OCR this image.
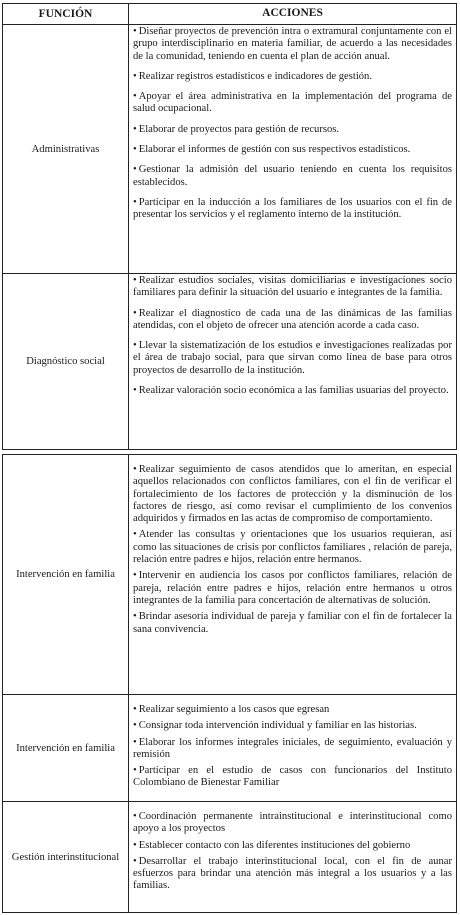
FUNCIÓN	ACCIONES
Administrativas

• Diseñar proyectos de prevención intra o extramural conjuntamente con el grupo interdisciplinario en materia familiar, de acuerdo a las necesidades de la comunidad, teniendo en cuenta el plan de acción anual.

• Realizar registros estadísticos e indicadores de gestión.

• Apoyar el área administrativa en la implementación del programa de salud ocupacional.

• Elaborar de proyectos para gestión de recursos.

• Elaborar el informes de gestión con sus respectivos estadísticos.

• Gestionar la admisión del usuario teniendo en cuenta los requisitos establecidos.

• Participar en la inducción a los familiares de los usuarios con el fin de presentar los servicios y el reglamento interno de la institución.

Diagnóstico social

• Realizar estudios sociales, visitas domiciliarias e investigaciones socio familiares para definir la situación del usuario e integrantes de la familia.

• Realizar el diagnostico de cada una de las dinámicas de las familias atendidas, con el objeto de ofrecer una atención acorde a cada caso.

• Llevar la sistematización de los estudios e investigaciones realizadas por el área de trabajo social, para que sirvan como línea de base para otros proyectos de desarrollo de la institución.

• Realizar valoración socio económica a las familias usuarias del proyecto.

Intervención en familia

• Realizar seguimiento de casos atendidos que lo ameritan, en especial aquellos relacionados con conflictos familiares, con el fin de verificar el fortalecimiento de los factores de protección y la disminución de los factores de riesgo, así como revisar el cumplimiento de los convenios adquiridos y firmados en las actas de compromiso de comportamiento.

• Atender las consultas y orientaciones que los usuarios requieran, así como las situaciones de crisis por conflictos familiares , relación de pareja, relación entre padres e hijos, relación entre hermanos.

• Intervenir en audiencia los casos por conflictos familiares, relación de pareja, relación entre padres e hijos, relación entre hermanos u otros integrantes de la familia para concertación de alternativas de solución.

• Brindar asesoría individual de pareja y familiar con el fin de fortalecer la sana convivencia.

Intervención en familia

• Realizar seguimiento a los casos que egresan

• Consignar toda intervención individual y familiar en las historias.

• Elaborar los informes integrales iniciales, de seguimiento, evaluación y remisión

• Participar en el estudio de casos con funcionarios del Instituto Colombiano de Bienestar Familiar

Gestión interinstitucional

• Coordinación permanente intrainstitucional e interinstitucional como apoyo a los proyectos

• Establecer contacto con las diferentes instituciones del gobierno

• Desarrollar el trabajo interinstitucional local, con el fin de aunar esfuerzos para brindar una atención más integral a los usuarios y a las familias.
